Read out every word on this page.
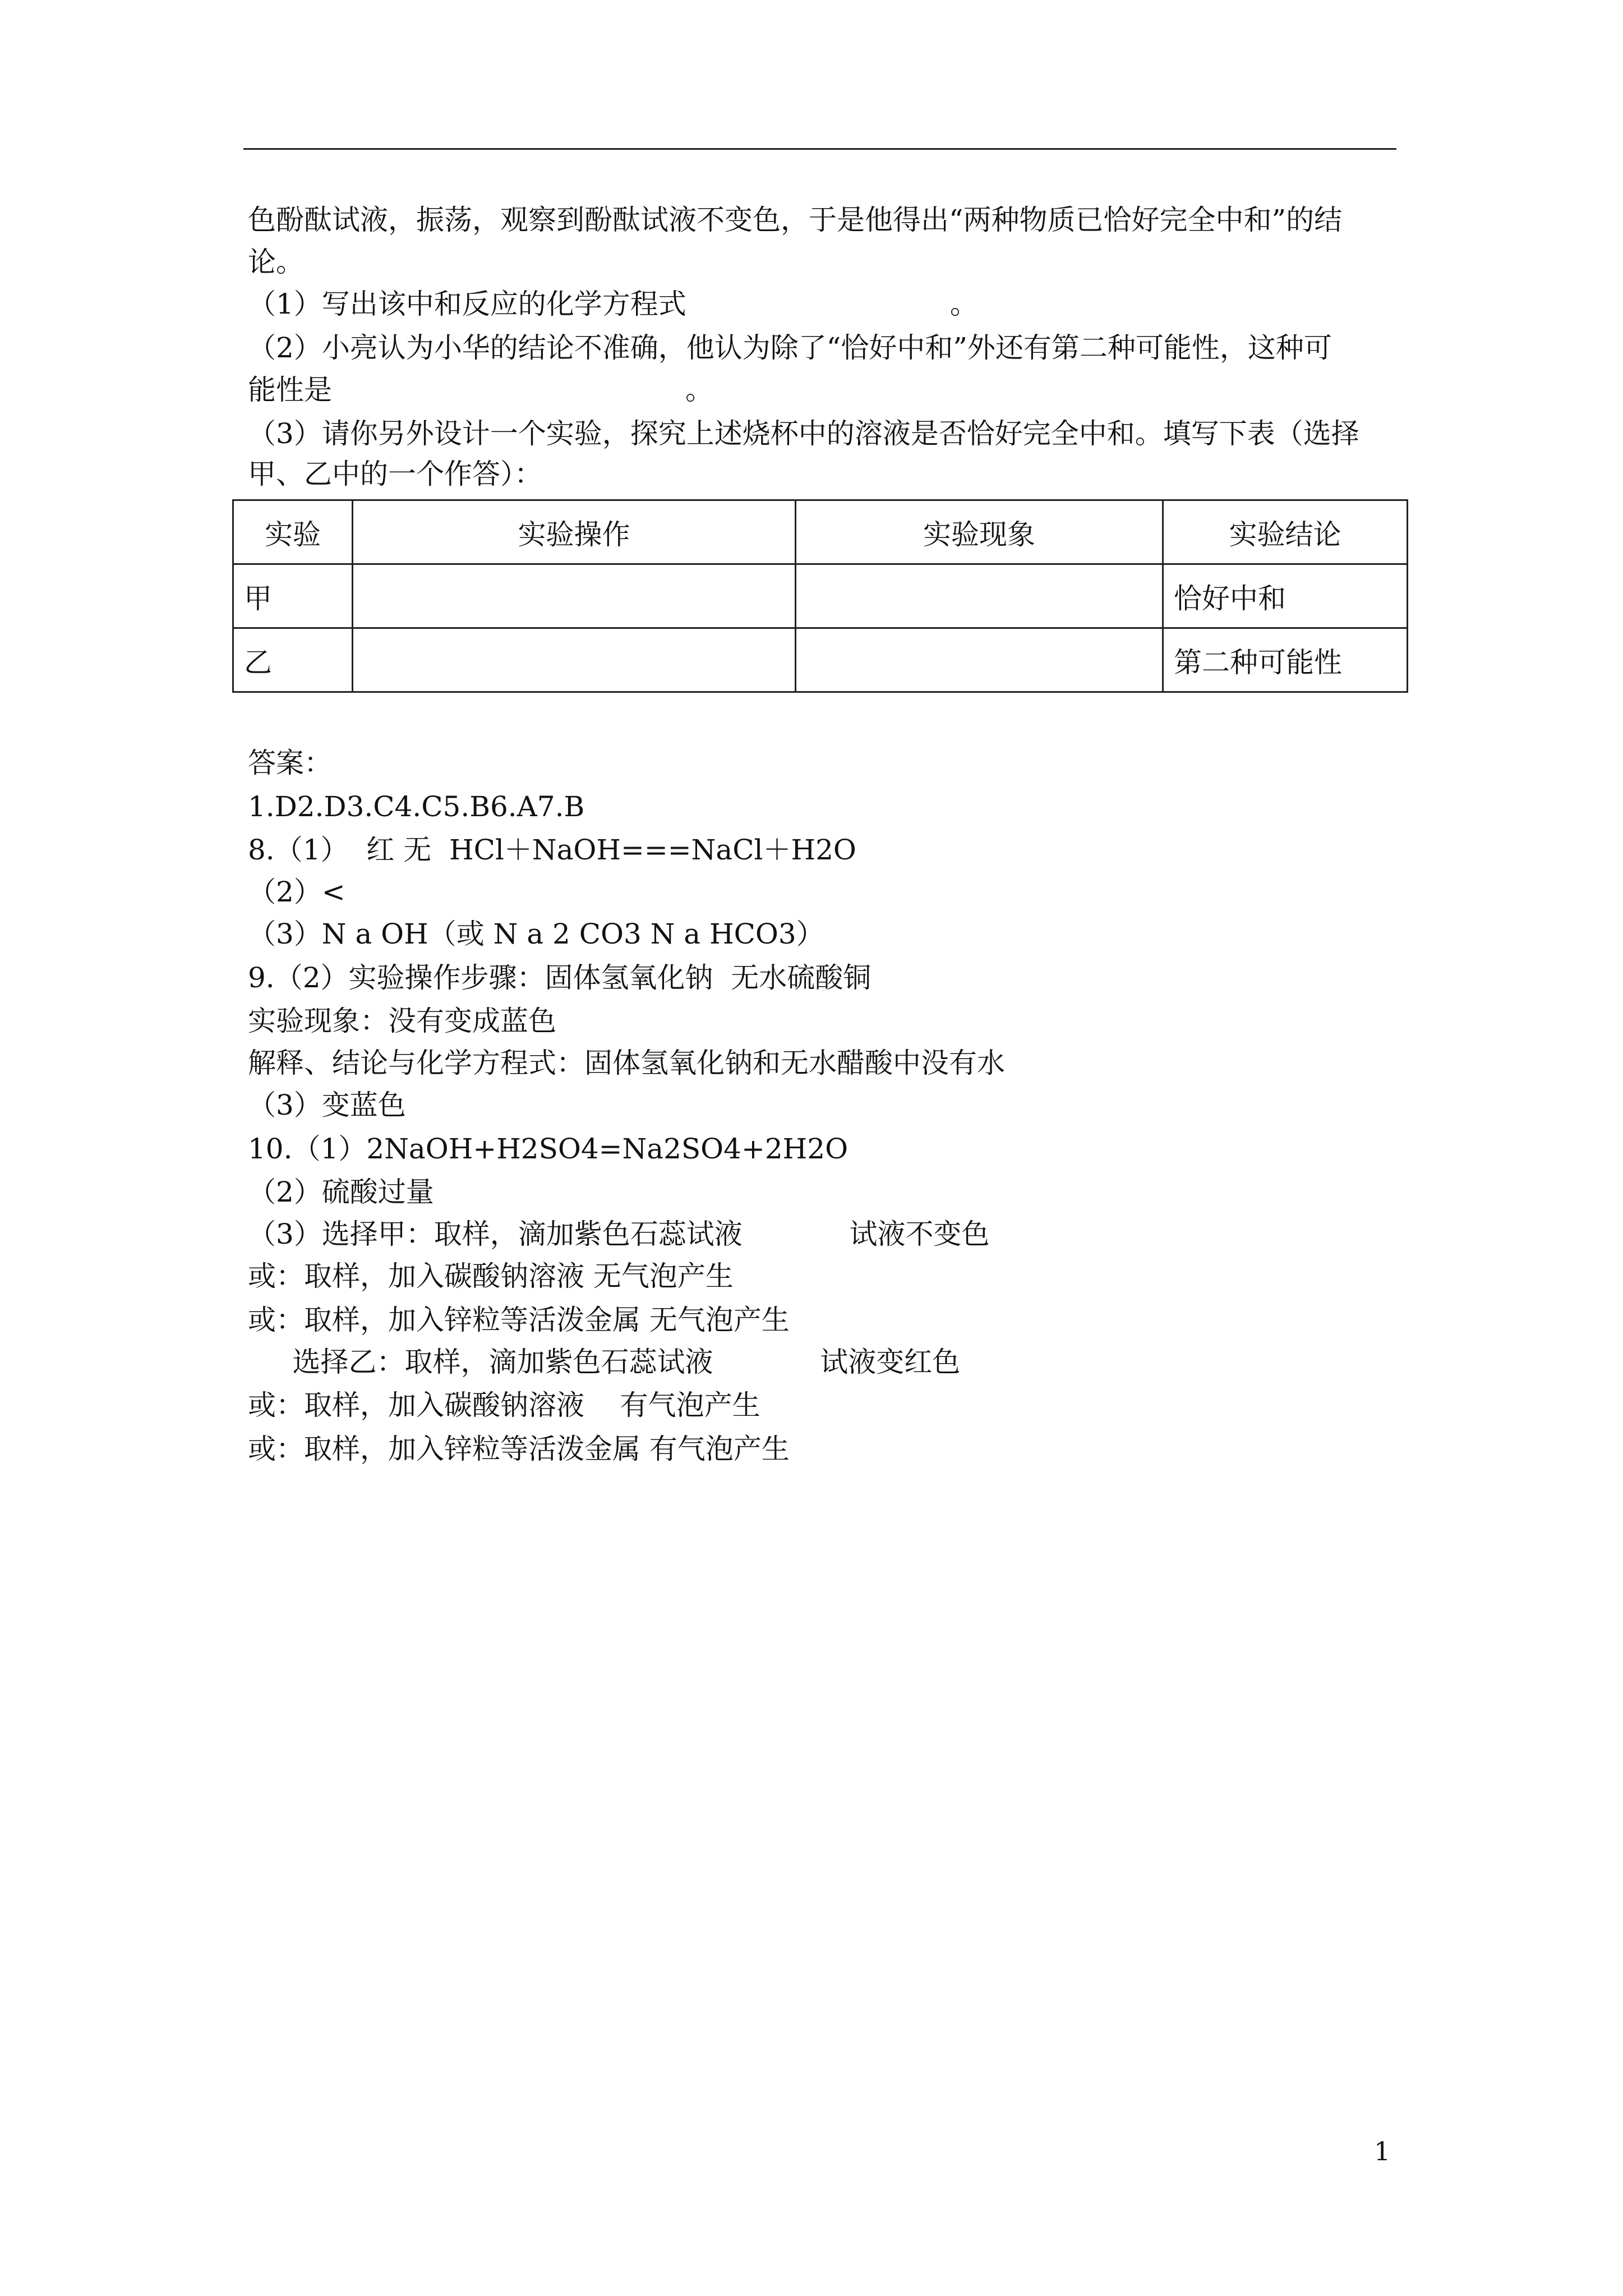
色酚酞试液，振荡，观察到酚酞试液不变色，于是他得出“两种物质已恰好完全中和”的结
论。
（1）写出该中和反应的化学方程式	。
（2）小亮认为小华的结论不准确，他认为除了“恰好中和”外还有第二种可能性，这种可
能性是	。
（3）请你另外设计一个实验，探究上述烧杯中的溶液是否恰好完全中和。填写下表（选择
甲、乙中的一个作答）：
实验	实验操作	实验现象	实验结论
甲			恰好中和
乙			第二种可能性
答案：
1.D2.D3.C4.C5.B6.A7.B
8.（1）  红 无  HCl＋NaOH===NaCl＋H2O
（2）<
（3）N a OH（或 N a 2 CO3 N a HCO3）
9.（2）实验操作步骤：固体氢氧化钠  无水硫酸铜
实验现象：没有变成蓝色
解释、结论与化学方程式：固体氢氧化钠和无水醋酸中没有水
（3）变蓝色
10.（1）2NaOH+H2SO4=Na2SO4+2H2O
（2）硫酸过量
（3）选择甲：取样，滴加紫色石蕊试液            试液不变色
或：取样，加入碳酸钠溶液 无气泡产生
或：取样，加入锌粒等活泼金属 无气泡产生
选择乙：取样，滴加紫色石蕊试液            试液变红色
或：取样，加入碳酸钠溶液    有气泡产生
或：取样，加入锌粒等活泼金属 有气泡产生
1
